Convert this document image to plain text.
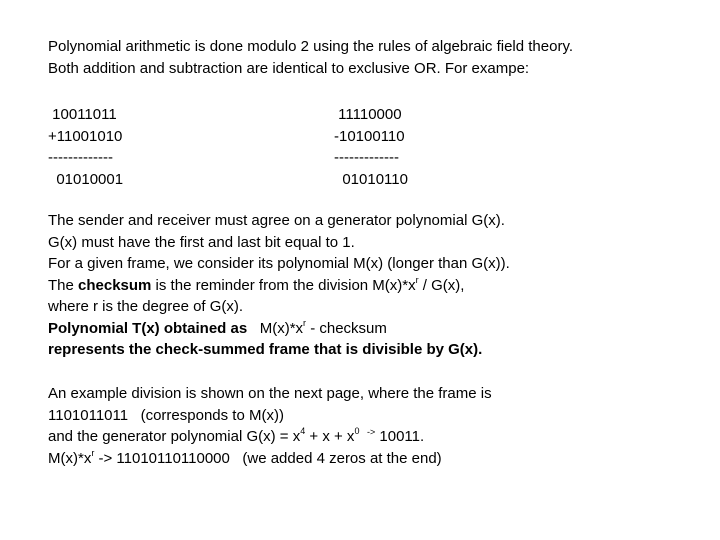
Polynomial arithmetic is done modulo 2 using the rules of algebraic field theory.
Both addition and subtraction are identical to exclusive OR. For exampe:
10011011
+11001010
-------------
01010001
11110000
-10100110
-------------
01010110
The sender and receiver must agree on a generator polynomial G(x).
G(x) must have the first and last bit equal to 1.
For a given frame, we consider its polynomial M(x) (longer than G(x)).
The checksum is the reminder from the division $M(x)*x^r / G(x)$,
where r is the degree of G(x).
Polynomial T(x) obtained as   $M(x)*x^r$ - checksum
represents the check-summed frame that is divisible by G(x).
An example division is shown on the next page, where the frame is
1101011011   (corresponds to M(x))
and the generator polynomial $G(x) = x^4 + x + x^0$   -> 10011.
$M(x)*x^r -> 11010110110000$   (we added 4 zeros at the end)
